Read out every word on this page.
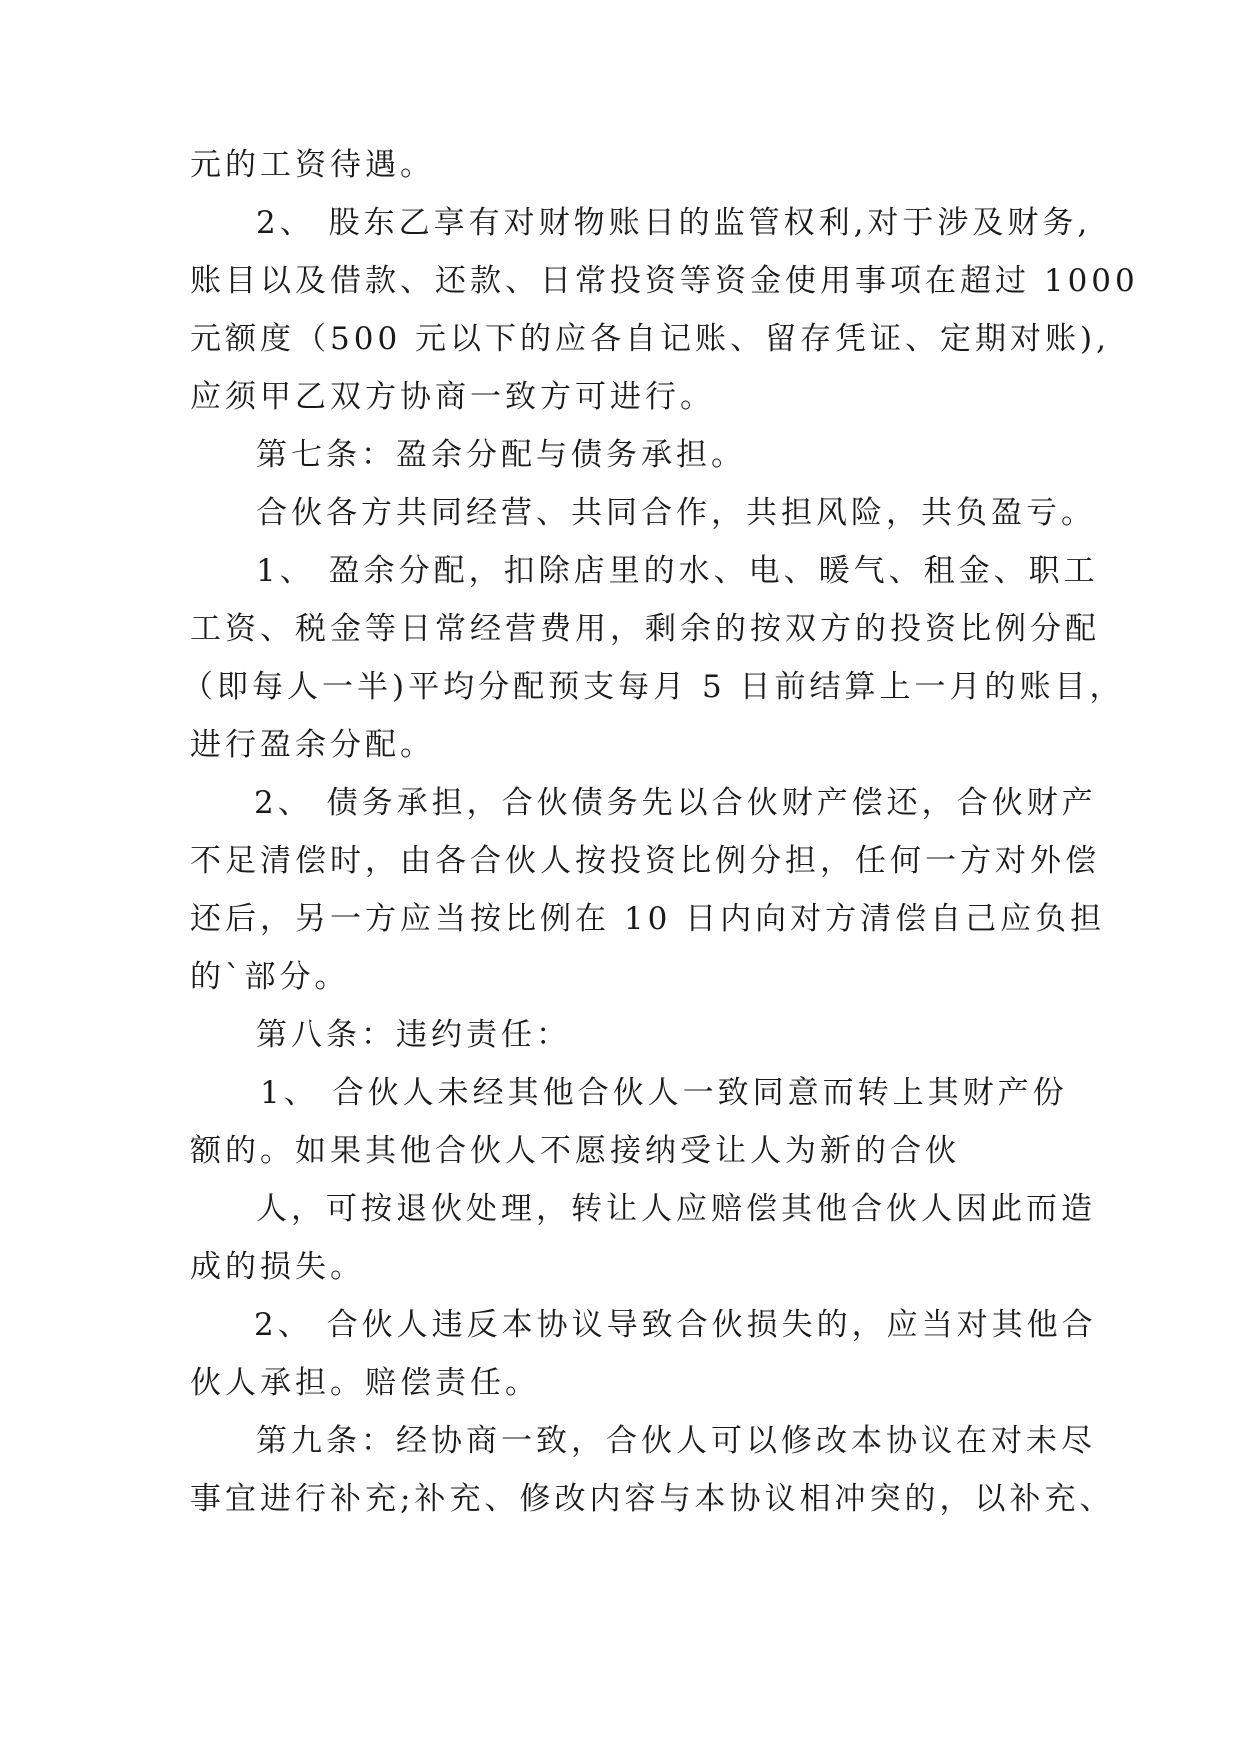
元的工资待遇。
2、 股东乙享有对财物账日的监管权利,对于涉及财务,
账目以及借款、还款、日常投资等资金使用事项在超过 1000
元额度（500 元以下的应各自记账、留存凭证、定期对账),
应须甲乙双方协商一致方可进行。
第七条：盈余分配与债务承担。
合伙各方共同经营、共同合作，共担风险，共负盈亏。
1、 盈余分配，扣除店里的水、电、暖气、租金、职工
工资、税金等日常经营费用，剩余的按双方的投资比例分配
（即每人一半)平均分配预支每月 5 日前结算上一月的账目，
进行盈余分配。
2、 债务承担，合伙债务先以合伙财产偿还，合伙财产
不足清偿时，由各合伙人按投资比例分担，任何一方对外偿
还后，另一方应当按比例在 10 日内向对方清偿自己应负担
的`部分。
第八条：违约责任：
1、 合伙人未经其他合伙人一致同意而转上其财产份
额的。如果其他合伙人不愿接纳受让人为新的合伙
人，可按退伙处理，转让人应赔偿其他合伙人因此而造
成的损失。
2、 合伙人违反本协议导致合伙损失的，应当对其他合
伙人承担。赔偿责任。
第九条：经协商一致，合伙人可以修改本协议在对未尽
事宜进行补充;补充、修改内容与本协议相冲突的，以补充、
